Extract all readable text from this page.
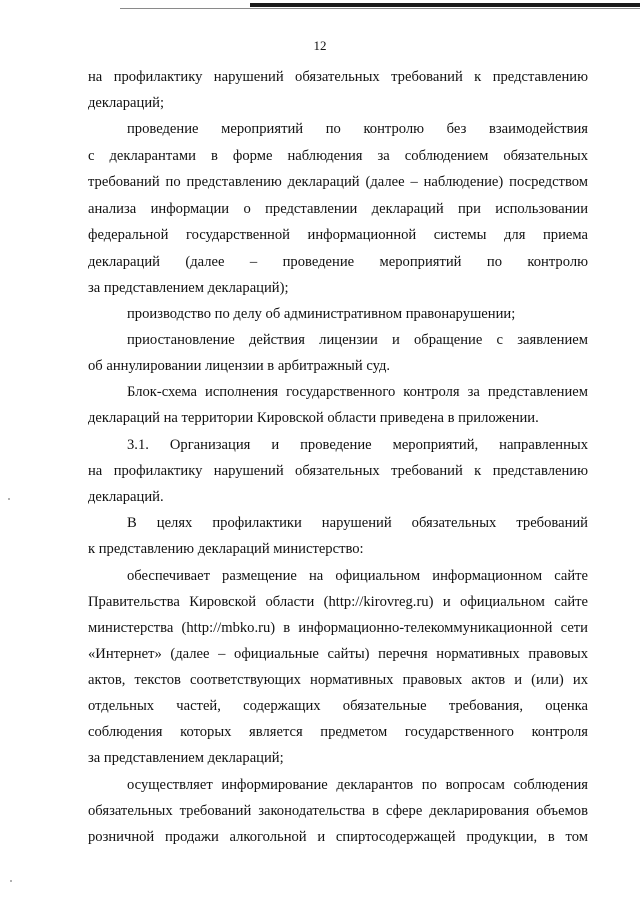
12
на профилактику нарушений обязательных требований к представлению
деклараций;
проведение мероприятий по контролю без взаимодействия
с декларантами в форме наблюдения за соблюдением обязательных
требований по представлению деклараций (далее – наблюдение) посредством
анализа информации о представлении деклараций при использовании
федеральной государственной информационной системы для приема
деклараций (далее – проведение мероприятий по контролю
за представлением деклараций);
производство по делу об административном правонарушении;
приостановление действия лицензии и обращение с заявлением
об аннулировании лицензии в арбитражный суд.
Блок-схема исполнения государственного контроля за представлением
деклараций на территории Кировской области приведена в приложении.
3.1. Организация и проведение мероприятий, направленных
на профилактику нарушений обязательных требований к представлению
деклараций.
В целях профилактики нарушений обязательных требований
к представлению деклараций министерство:
обеспечивает размещение на официальном информационном сайте
Правительства Кировской области (http://kirovreg.ru) и официальном сайте
министерства (http://mbko.ru) в информационно-телекоммуникационной сети
«Интернет» (далее – официальные сайты) перечня нормативных правовых
актов, текстов соответствующих нормативных правовых актов и (или) их
отдельных частей, содержащих обязательные требования, оценка
соблюдения которых является предметом государственного контроля
за представлением деклараций;
осуществляет информирование декларантов по вопросам соблюдения
обязательных требований законодательства в сфере декларирования объемов
розничной продажи алкогольной и спиртосодержащей продукции, в том
